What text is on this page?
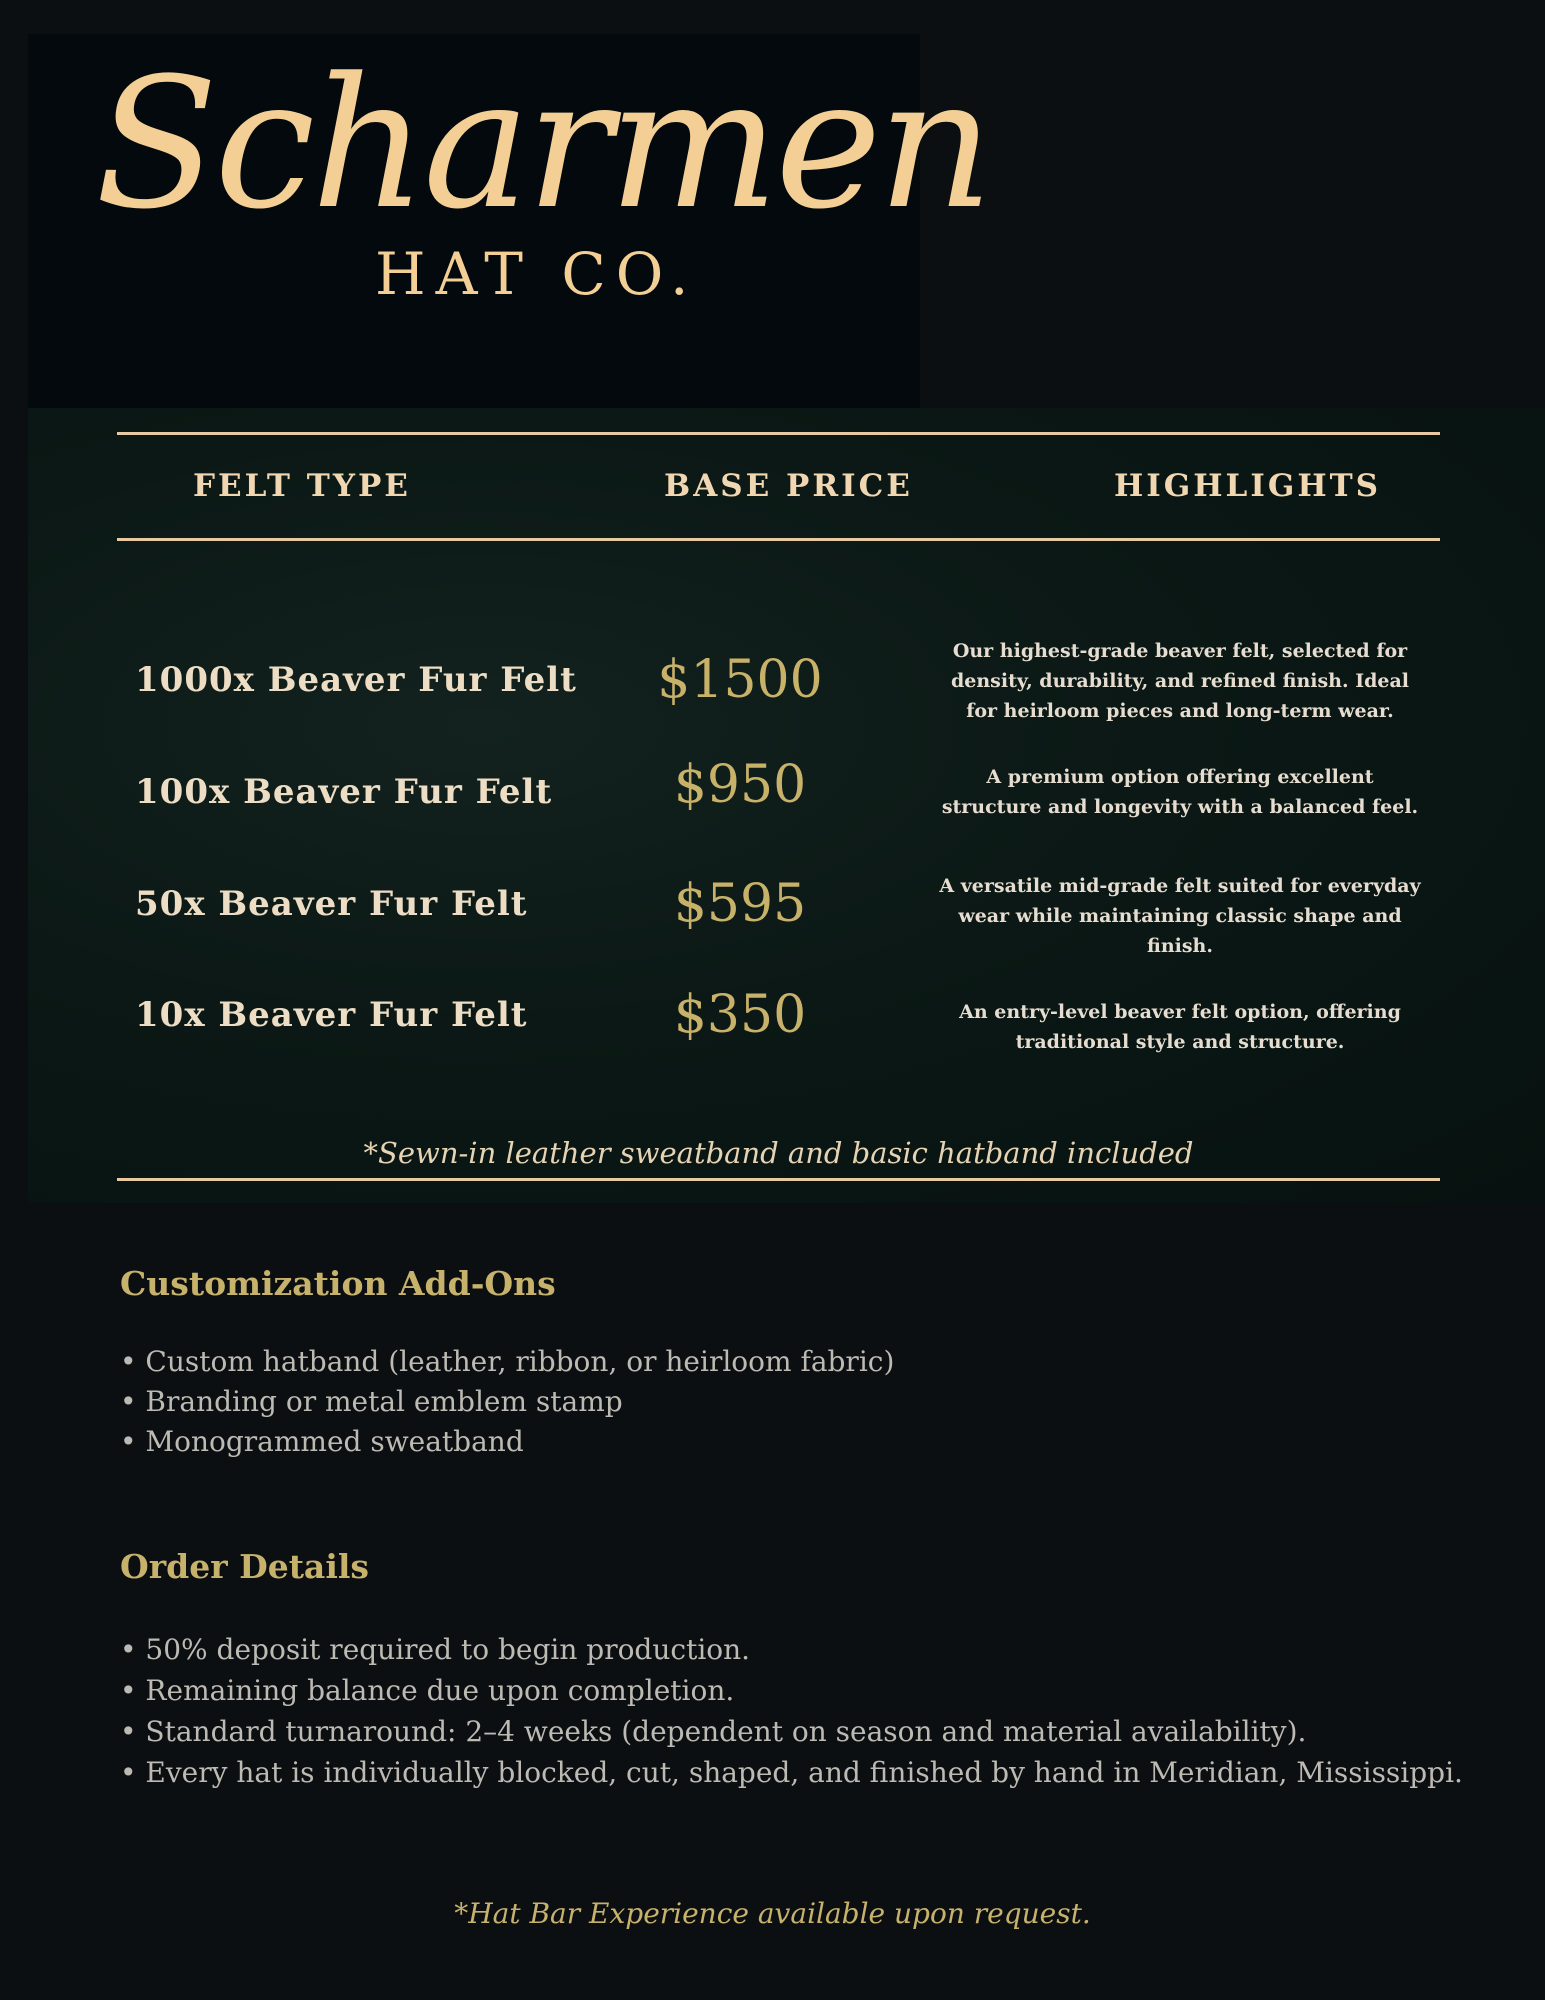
Scharmen
HAT CO.
FELT TYPE	BASE PRICE	HIGHLIGHTS
1000x Beaver Fur Felt	$1500	Our highest-grade beaver felt, selected for density, durability, and refined finish. Ideal for heirloom pieces and long-term wear.
100x Beaver Fur Felt	$950	A premium option offering excellent structure and longevity with a balanced feel.
50x Beaver Fur Felt	$595	A versatile mid-grade felt suited for everyday wear while maintaining classic shape and finish.
10x Beaver Fur Felt	$350	An entry-level beaver felt option, offering traditional style and structure.
*Sewn-in leather sweatband and basic hatband included
Customization Add-Ons
• Custom hatband (leather, ribbon, or heirloom fabric)
• Branding or metal emblem stamp
• Monogrammed sweatband
Order Details
• 50% deposit required to begin production.
• Remaining balance due upon completion.
• Standard turnaround: 2–4 weeks (dependent on season and material availability).
• Every hat is individually blocked, cut, shaped, and finished by hand in Meridian, Mississippi.
*Hat Bar Experience available upon request.
